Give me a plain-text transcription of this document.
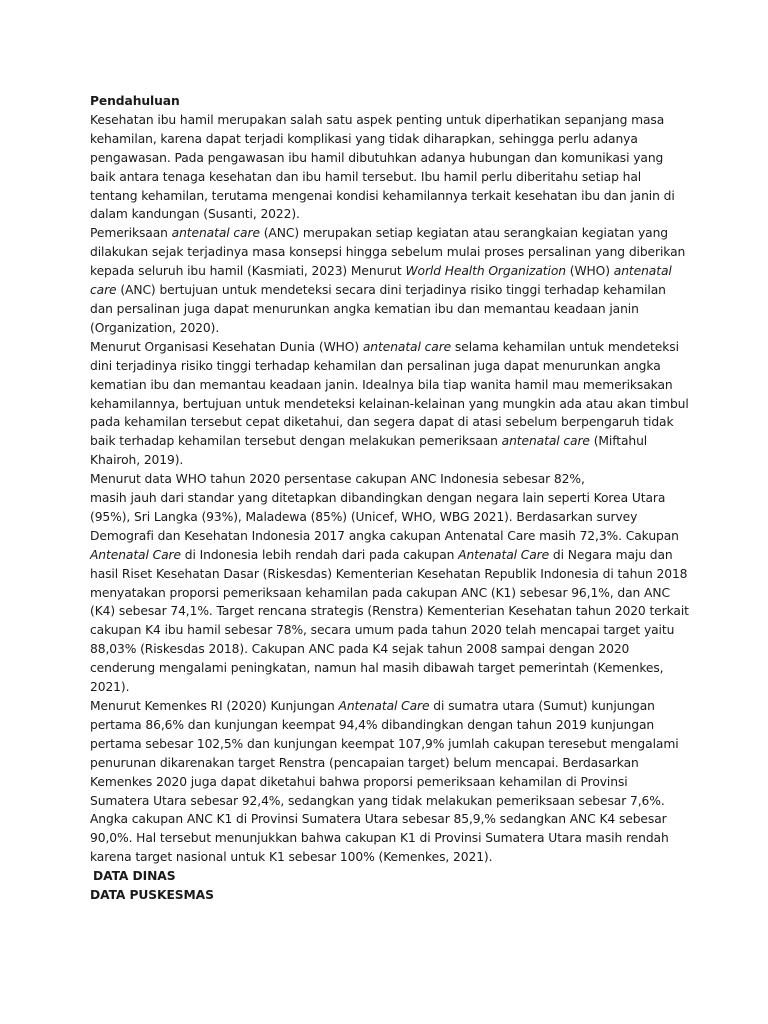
Pendahuluan

Kesehatan ibu hamil merupakan salah satu aspek penting untuk diperhatikan sepanjang masa kehamilan, karena dapat terjadi komplikasi yang tidak diharapkan, sehingga perlu adanya pengawasan. Pada pengawasan ibu hamil dibutuhkan adanya hubungan dan komunikasi yang baik antara tenaga kesehatan dan ibu hamil tersebut. Ibu hamil perlu diberitahu setiap hal tentang kehamilan, terutama mengenai kondisi kehamilannya terkait kesehatan ibu dan janin di dalam kandungan (Susanti, 2022).

Pemeriksaan antenatal care (ANC) merupakan setiap kegiatan atau serangkaian kegiatan yang dilakukan sejak terjadinya masa konsepsi hingga sebelum mulai proses persalinan yang diberikan kepada seluruh ibu hamil (Kasmiati, 2023) Menurut World Health Organization (WHO) antenatal care (ANC) bertujuan untuk mendeteksi secara dini terjadinya risiko tinggi terhadap kehamilan dan persalinan juga dapat menurunkan angka kematian ibu dan memantau keadaan janin (Organization, 2020).

Menurut Organisasi Kesehatan Dunia (WHO) antenatal care selama kehamilan untuk mendeteksi dini terjadinya risiko tinggi terhadap kehamilan dan persalinan juga dapat menurunkan angka kematian ibu dan memantau keadaan janin. Idealnya bila tiap wanita hamil mau memeriksakan kehamilannya, bertujuan untuk mendeteksi kelainan-kelainan yang mungkin ada atau akan timbul pada kehamilan tersebut cepat diketahui, dan segera dapat di atasi sebelum berpengaruh tidak baik terhadap kehamilan tersebut dengan melakukan pemeriksaan antenatal care (Miftahul Khairoh, 2019).

Menurut data WHO tahun 2020 persentase cakupan ANC Indonesia sebesar 82%,
masih jauh dari standar yang ditetapkan dibandingkan dengan negara lain seperti Korea Utara (95%), Sri Langka (93%), Maladewa (85%) (Unicef, WHO, WBG 2021). Berdasarkan survey Demografi dan Kesehatan Indonesia 2017 angka cakupan Antenatal Care masih 72,3%. Cakupan Antenatal Care di Indonesia lebih rendah dari pada cakupan Antenatal Care di Negara maju dan hasil Riset Kesehatan Dasar (Riskesdas) Kementerian Kesehatan Republik Indonesia di tahun 2018 menyatakan proporsi pemeriksaan kehamilan pada cakupan ANC (K1) sebesar 96,1%, dan ANC (K4) sebesar 74,1%. Target rencana strategis (Renstra) Kementerian Kesehatan tahun 2020 terkait cakupan K4 ibu hamil sebesar 78%, secara umum pada tahun 2020 telah mencapai target yaitu 88,03% (Riskesdas 2018). Cakupan ANC pada K4 sejak tahun 2008 sampai dengan 2020 cenderung mengalami peningkatan, namun hal masih dibawah target pemerintah (Kemenkes, 2021).

Menurut Kemenkes RI (2020) Kunjungan Antenatal Care di sumatra utara (Sumut) kunjungan pertama 86,6% dan kunjungan keempat 94,4% dibandingkan dengan tahun 2019 kunjungan pertama sebesar 102,5% dan kunjungan keempat 107,9% jumlah cakupan teresebut mengalami penurunan dikarenakan target Renstra (pencapaian target) belum mencapai. Berdasarkan Kemenkes 2020 juga dapat diketahui bahwa proporsi pemeriksaan kehamilan di Provinsi Sumatera Utara sebesar 92,4%, sedangkan yang tidak melakukan pemeriksaan sebesar 7,6%. Angka cakupan ANC K1 di Provinsi Sumatera Utara sebesar 85,9,% sedangkan ANC K4 sebesar 90,0%. Hal tersebut menunjukkan bahwa cakupan K1 di Provinsi Sumatera Utara masih rendah karena target nasional untuk K1 sebesar 100% (Kemenkes, 2021).

DATA DINAS

DATA PUSKESMAS
